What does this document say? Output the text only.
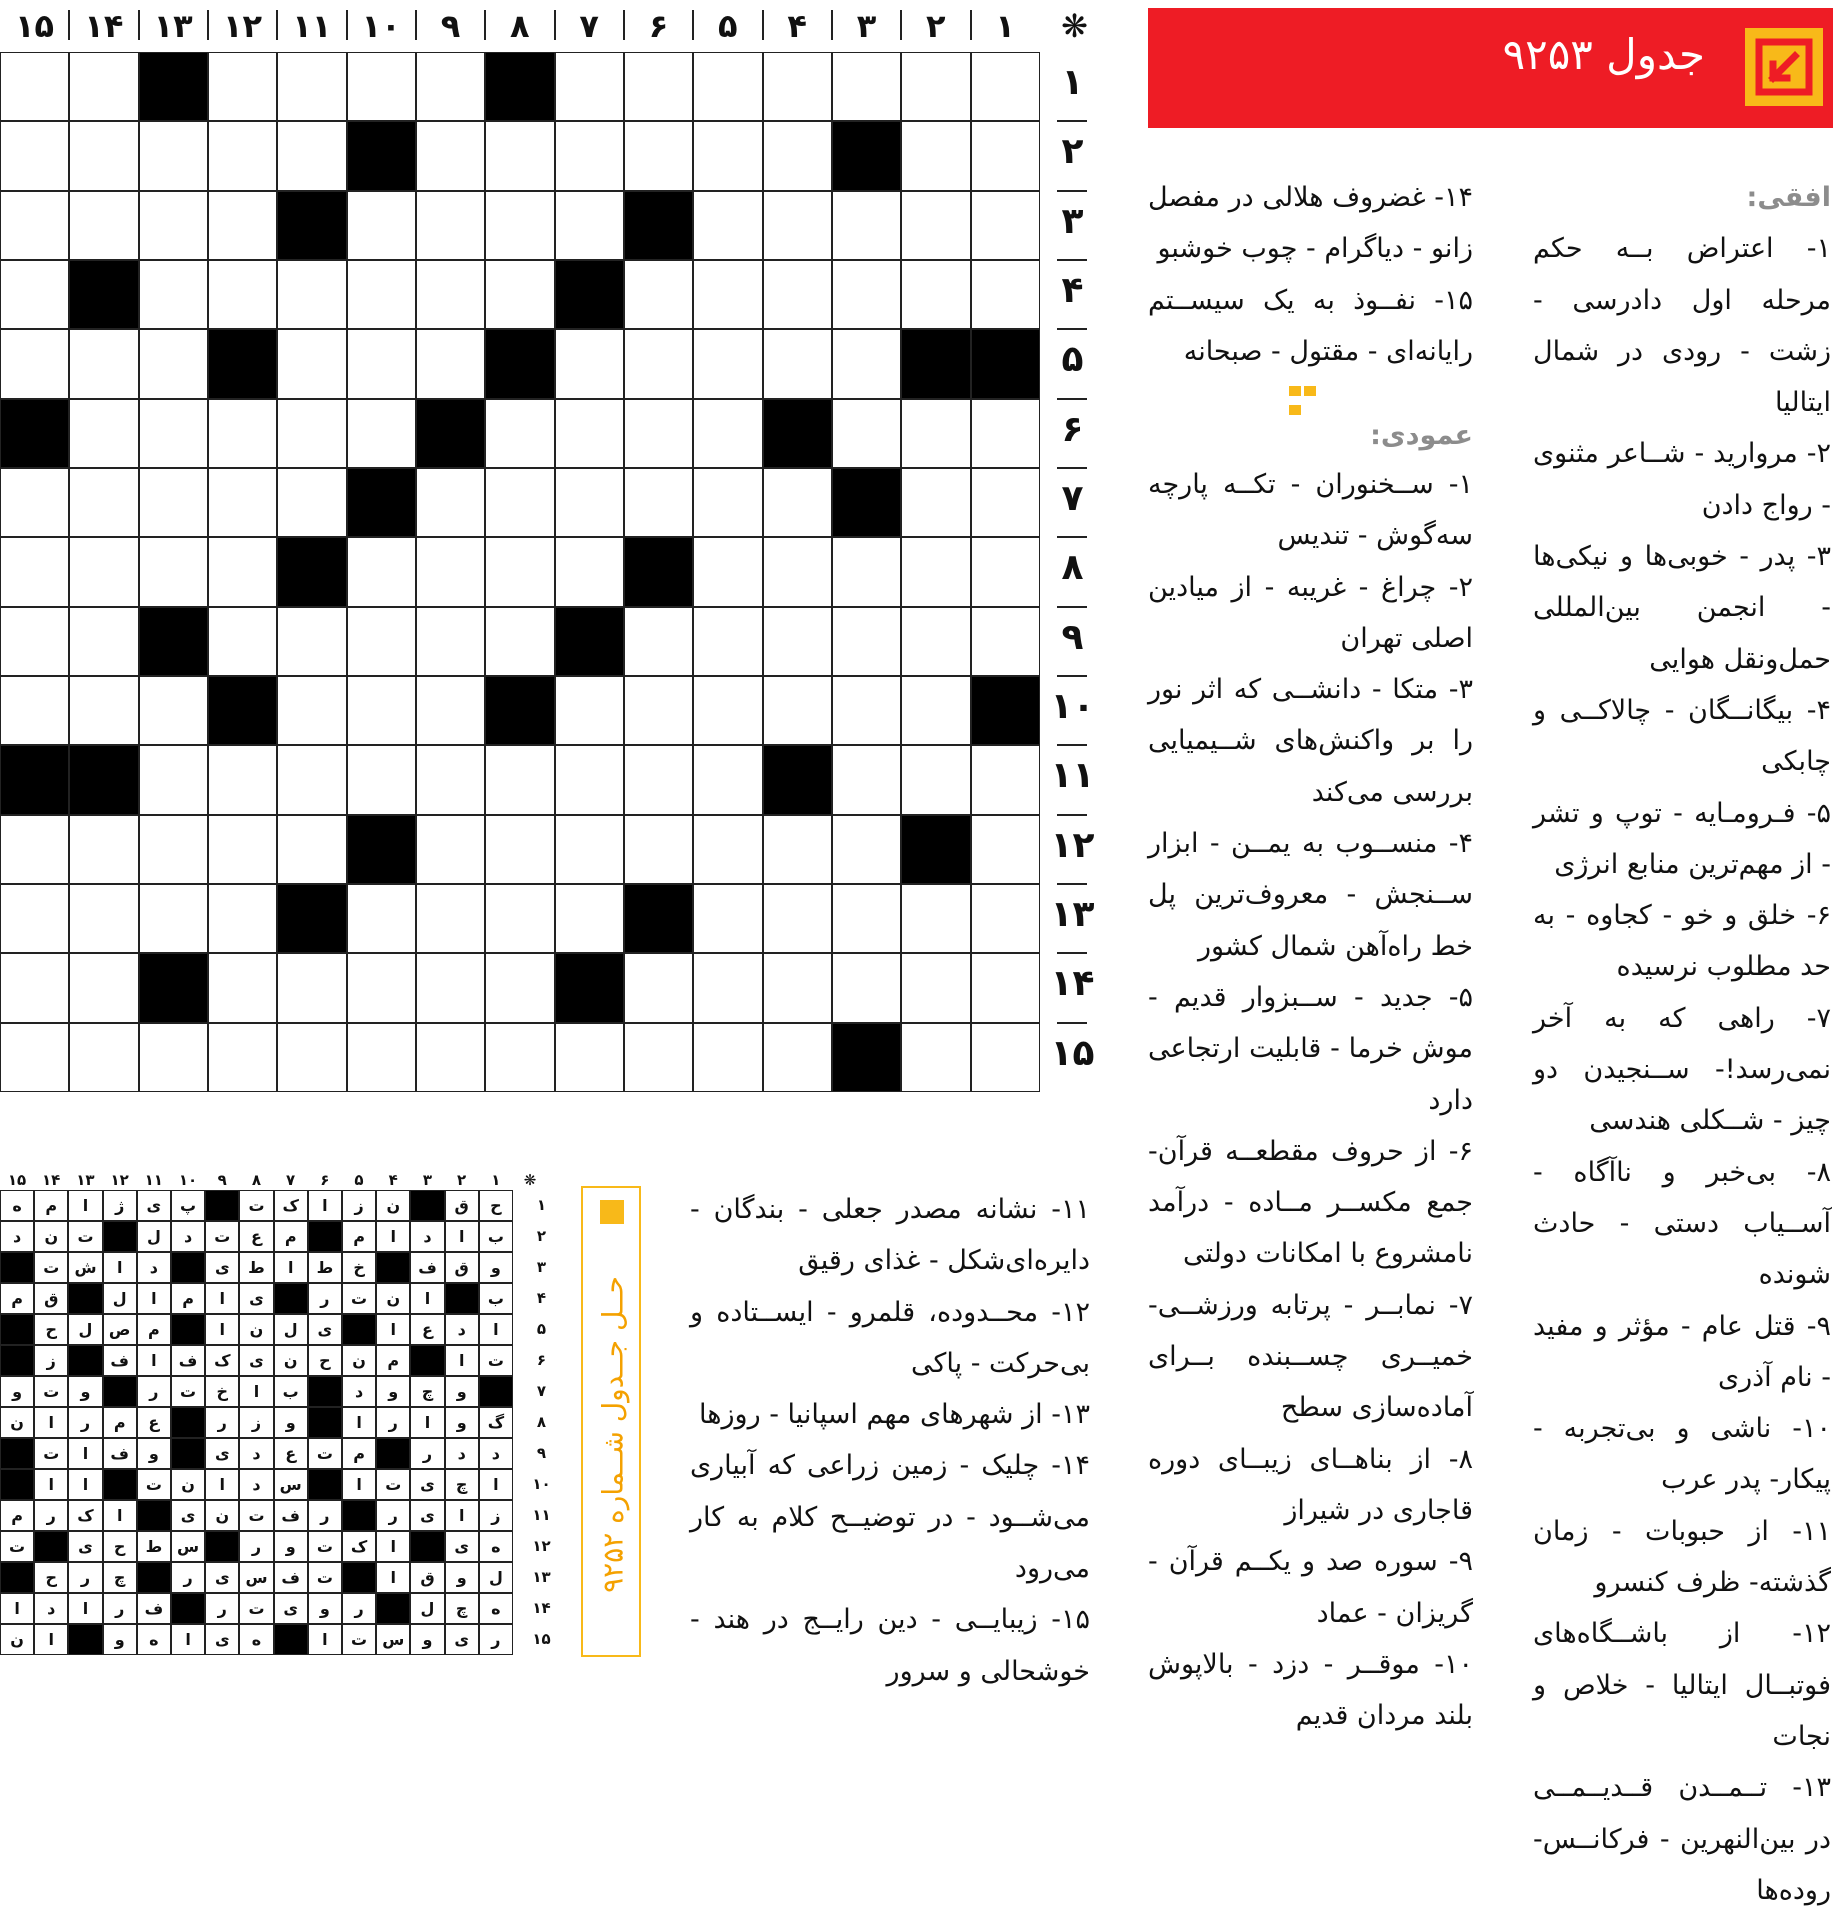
❋
۱
۲
۳
۴
۵
۶
۷
۸
۹
۱۰
۱۱
۱۲
۱۳
۱۴
۱۵
۱
۲
۳
۴
۵
۶
۷
۸
۹
۱۰
۱۱
۱۲
۱۳
۱۴
۱۵
جدول ۹۲۵۳
افقی:
۱- اعتراض بــه حکم مرحله اول دادرسی - زشت - رودی در شمال ایتالیا
۲- مروارید - شــاعر مثنوی - رواج دادن
۳- پدر - خوبی‌ها و نیکی‌ها - انجمن بین‌المللی حمل‌ونقل هوایی
۴- بیگانــگان - چالاکــی و چابکی
۵- فـرومـایه - توپ و تشر - از مهم‌ترین منابع انرژی
۶- خلق و خو - کجاوه - به حد مطلوب نرسیده
۷- راهی که به آخر نمی‌رسد!- ســنجیدن دو چیز - شــکلی هندسی
۸- بی‌خبر و ناآگاه - آســیاب دستی - حادث شونده
۹- قتل عام - مؤثر و مفید - نام آذری
۱۰- ناشی و بی‌تجربه - پیکار- پدر عرب
۱۱- از حبوبات - زمان گذشته- ظرف کنسرو
۱۲- از باشــگاه‌های فوتبــال ایتالیا - خلاص و نجات
۱۳- تــمــدن قــدیــمــی در بین‌النهرین - فرکانــس- روده‌ها
۱۴- غضروف هلالی در مفصل زانو - دیاگرام - چوب خوشبو
۱۵- نفــوذ به یک سیســتم رایانه‌ای - مقتول - صبحانه
عمودی:
۱- ســخنوران - تکــه پارچه سه‌گوش - تندیس
۲- چراغ - غریبه - از میادین اصلی تهران
۳- متکا - دانشــی که اثر نور را بر واکنش‌های شــیمیایی بررسی می‌کند
۴- منســوب به یمــن - ابزار ســنجش - معروف‌ترین پل خط راه‌آهن شمال کشور
۵- جدید - ســبزوار قدیم - موش خرما - قابلیت ارتجاعی دارد
۶- از حروف مقطعــه قرآن- جمع مکســر مــاده - درآمد نامشروع با امکانات دولتی
۷- نمابــر - پرتابه ورزشــی- خمیــری چســبنده بــرای آماده‌سازی سطح
۸- از بناهــای زیبــای دوره قاجاری در شیراز
۹- سوره صد و یکــم قرآن - گریزان - عماد
۱۰- موقــر - دزد - بالاپوش بلند مردان قدیم
۱۱- نشانه مصدر جعلی - بندگان - دایره‌ای‌شکل - غذای رقیق
۱۲- محــدوده، قلمرو - ایســتاده و بی‌حرکت - پاکی
۱۳- از شهرهای مهم اسپانیا - روزها
۱۴- چلیک - زمین زراعی که آبیاری می‌شــود - در توضیــح کلام به کار می‌رود
۱۵- زیبایــی - دین رایــج در هند - خوشحالی و سرور
حــل جــدول شــماره ۹۲۵۲
❋
۱
۲
۳
۴
۵
۶
۷
۸
۹
۱۰
۱۱
۱۲
۱۳
۱۴
۱۵
ح
ق
ن
ز
ا
ک
ت
پ
ی
ژ
ا
م
ه
ب
ا
د
ا
م
م
ع
ت
د
ل
ت
ن
د
و
ق
ف
خ
ط
ا
ط
ی
د
ا
ش
ت
ب
ا
ن
ت
ر
ی
ا
م
ا
ل
ق
م
ا
د
ع
ا
ی
ل
ن
ا
م
ص
ل
ح
ت
ا
م
ن
ح
ن
ی
ک
ف
ا
ف
ز
و
چ
و
د
ب
ا
خ
ت
ر
و
ت
و
گ
و
ا
ر
ا
و
ز
ر
ع
م
ر
ا
ن
د
د
ر
م
ت
ع
د
ی
و
ف
ا
ت
ا
چ
ی
ت
ا
س
د
ا
ن
ت
ا
ا
ز
ا
ی
ر
ر
ف
ت
ن
ی
ا
ک
ر
م
ه
ی
ا
ک
ت
و
ر
س
ط
ح
ی
ت
ل
و
ق
ا
ت
ف
س
ی
ر
چ
ر
ح
ه
چ
ل
ر
و
ی
ت
ر
ف
ر
ا
د
ا
ر
ی
و
س
ت
ا
ه
ی
ا
ه
و
ا
ن
۱
۲
۳
۴
۵
۶
۷
۸
۹
۱۰
۱۱
۱۲
۱۳
۱۴
۱۵
